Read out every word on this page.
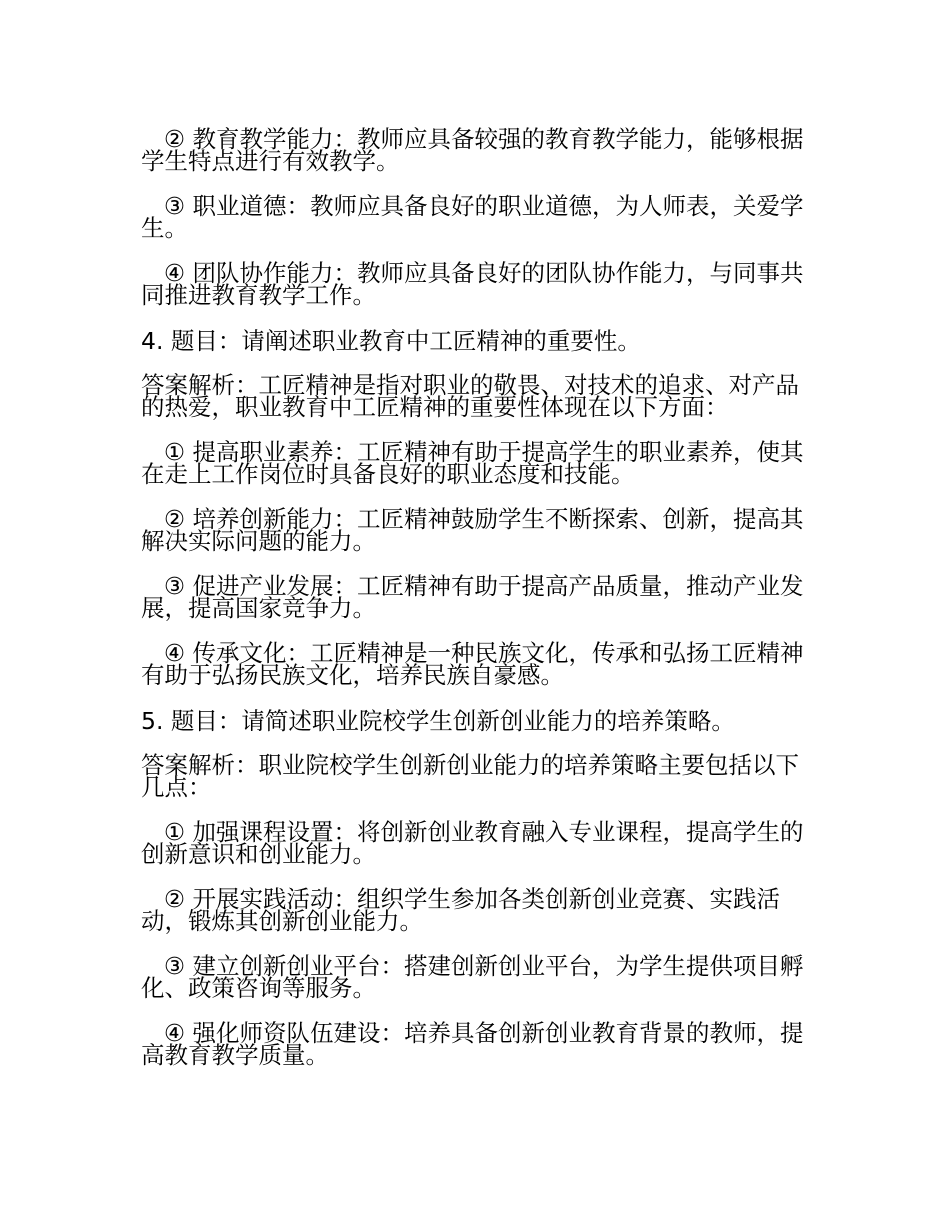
② 教育教学能力：教师应具备较强的教育教学能力，能够根据学生特点进行有效教学。

③ 职业道德：教师应具备良好的职业道德，为人师表，关爱学生。

④ 团队协作能力：教师应具备良好的团队协作能力，与同事共同推进教育教学工作。

4. 题目：请阐述职业教育中工匠精神的重要性。

答案解析：工匠精神是指对职业的敬畏、对技术的追求、对产品的热爱，职业教育中工匠精神的重要性体现在以下方面：

① 提高职业素养：工匠精神有助于提高学生的职业素养，使其在走上工作岗位时具备良好的职业态度和技能。

② 培养创新能力：工匠精神鼓励学生不断探索、创新，提高其解决实际问题的能力。

③ 促进产业发展：工匠精神有助于提高产品质量，推动产业发展，提高国家竞争力。

④ 传承文化：工匠精神是一种民族文化，传承和弘扬工匠精神有助于弘扬民族文化，培养民族自豪感。

5. 题目：请简述职业院校学生创新创业能力的培养策略。

答案解析：职业院校学生创新创业能力的培养策略主要包括以下几点：

① 加强课程设置：将创新创业教育融入专业课程，提高学生的创新意识和创业能力。

② 开展实践活动：组织学生参加各类创新创业竞赛、实践活动，锻炼其创新创业能力。

③ 建立创新创业平台：搭建创新创业平台，为学生提供项目孵化、政策咨询等服务。

④ 强化师资队伍建设：培养具备创新创业教育背景的教师，提高教育教学质量。
